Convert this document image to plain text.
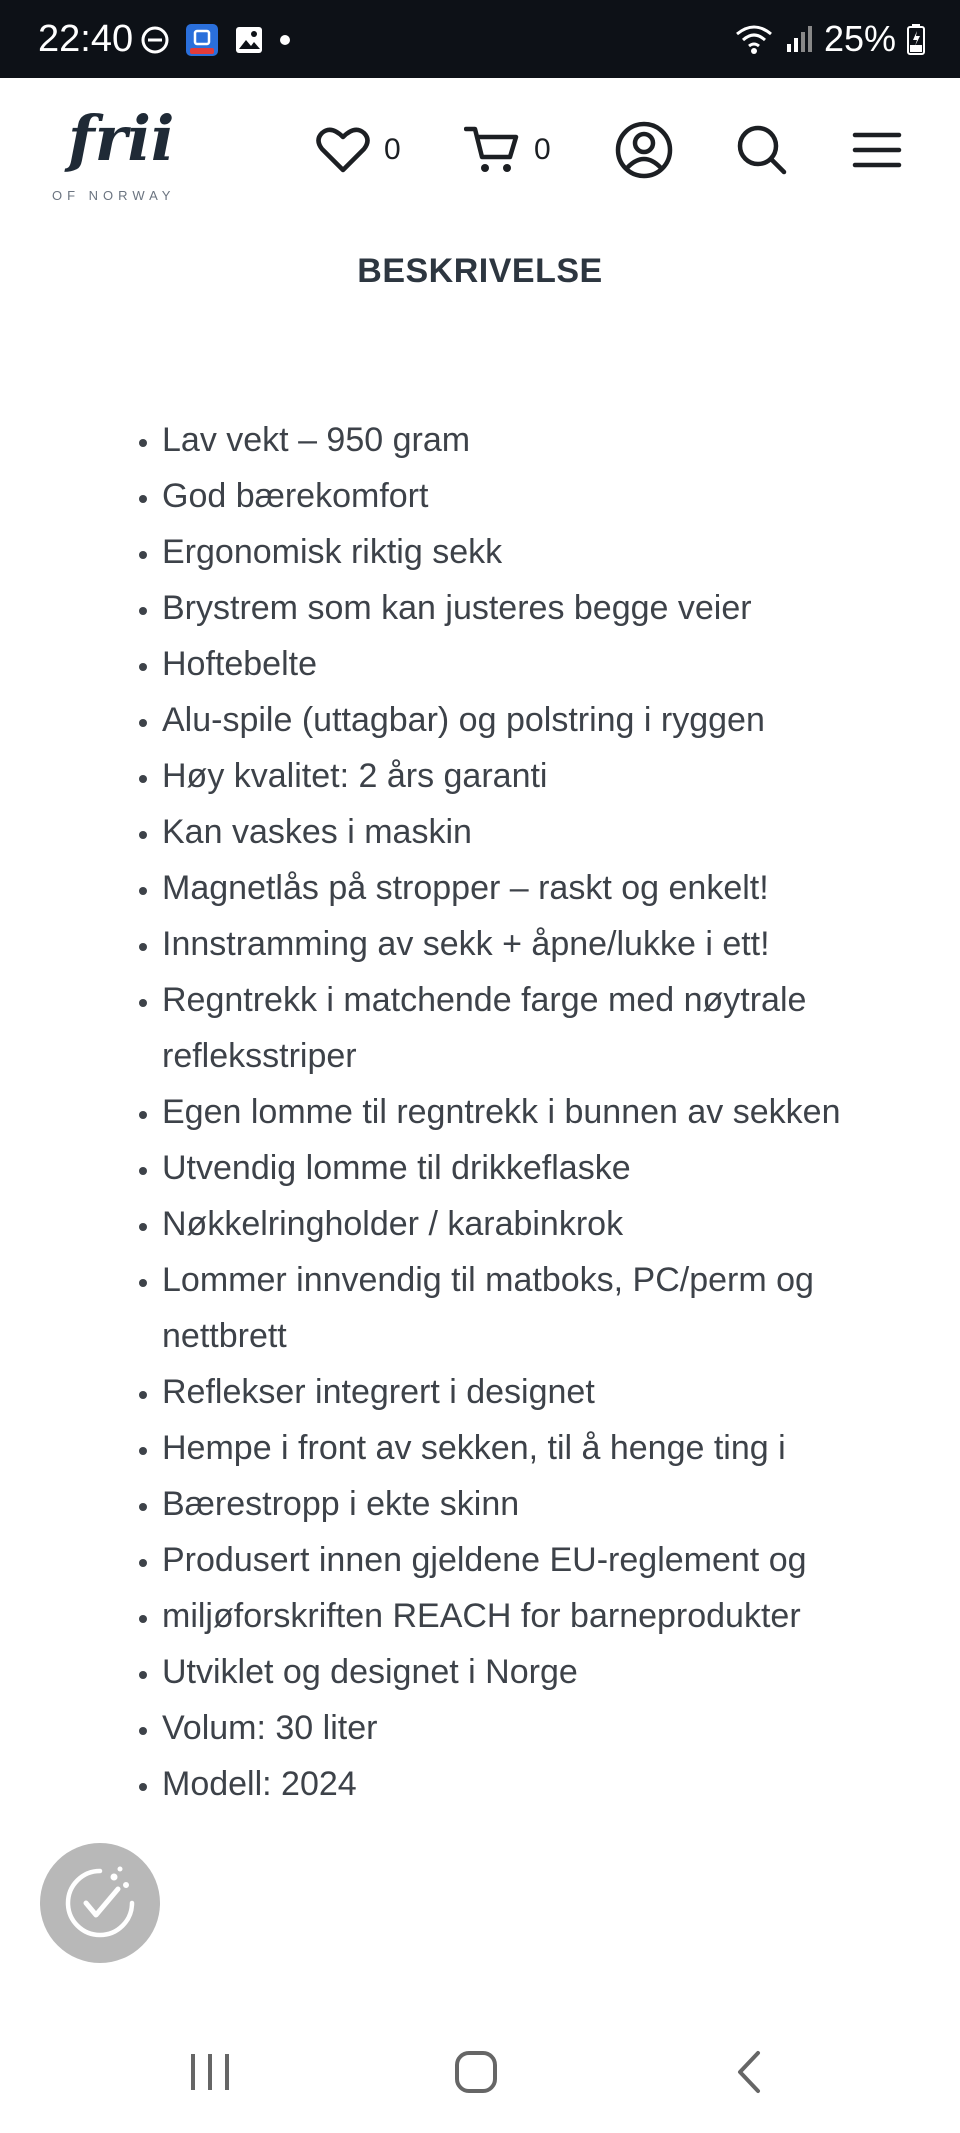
22:40	25%
frii
OF NORWAY
0	0
BESKRIVELSE
• Lav vekt – 950 gram
• God bærekomfort
• Ergonomisk riktig sekk
• Brystrem som kan justeres begge veier
• Hoftebelte
• Alu-spile (uttagbar) og polstring i ryggen
• Høy kvalitet: 2 års garanti
• Kan vaskes i maskin
• Magnetlås på stropper – raskt og enkelt!
• Innstramming av sekk + åpne/lukke i ett!
• Regntrekk i matchende farge med nøytrale refleksstriper
• Egen lomme til regntrekk i bunnen av sekken
• Utvendig lomme til drikkeflaske
• Nøkkelringholder / karabinkrok
• Lommer innvendig til matboks, PC/perm og nettbrett
• Reflekser integrert i designet
• Hempe i front av sekken, til å henge ting i
• Bærestropp i ekte skinn
• Produsert innen gjeldene EU-reglement og
• miljøforskriften REACH for barneprodukter
• Utviklet og designet i Norge
• Volum: 30 liter
• Modell: 2024
